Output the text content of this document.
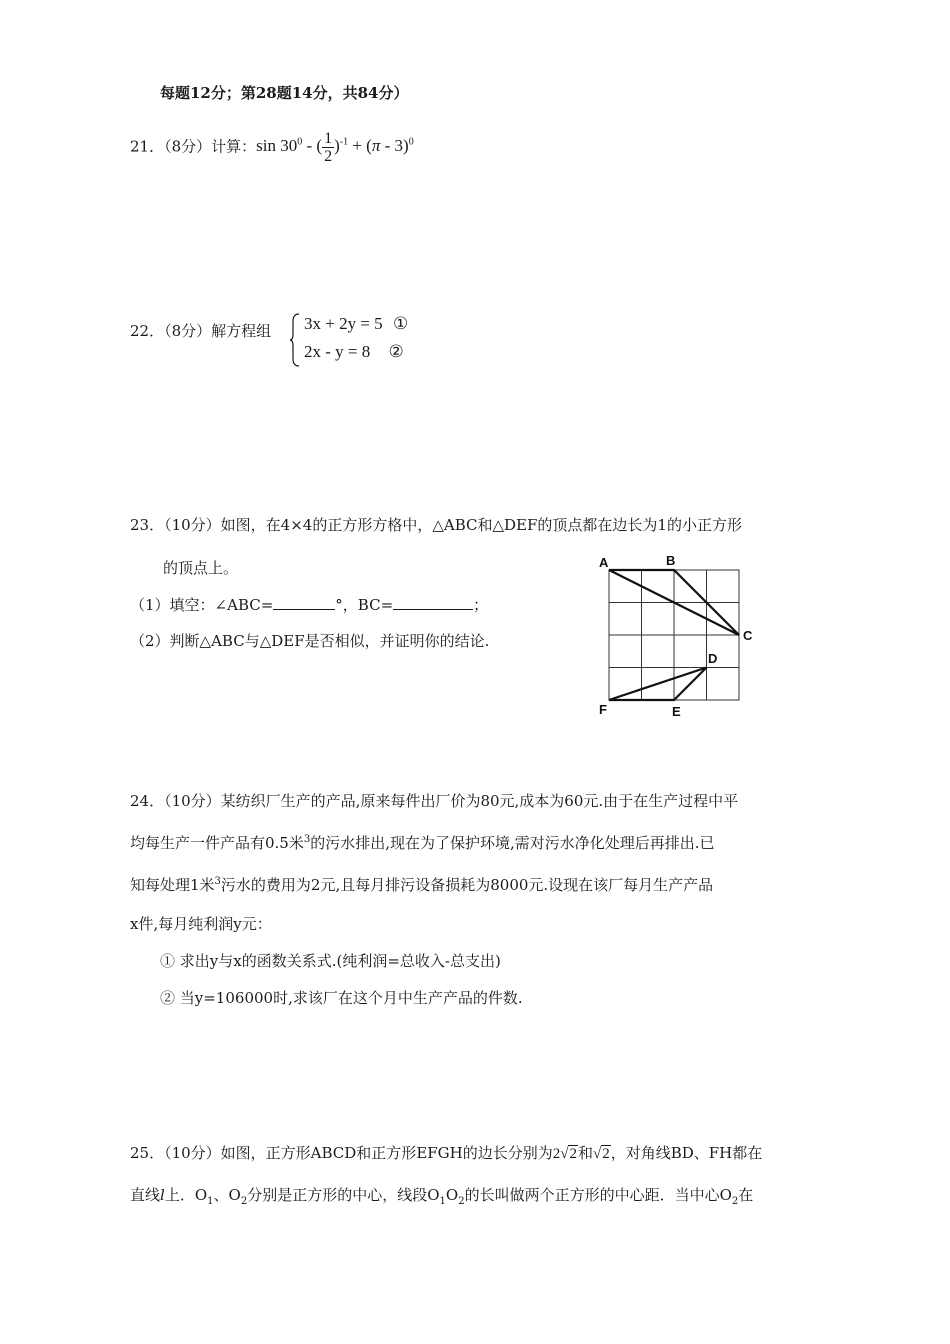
每题12分；第28题14分，共84分）
21．（8分）计算：$\sin 30^0$ - ( $\frac{1}{2} )^{-1} + (\pi - 3)^0$
22．（8分）解方程组 3x + 2y = 5 ①
2x - y = 8 ②
23．（10分）如图，在4×4的正方形方格中，△ABC和△DEF的顶点都在边长为1的小正方形
的顶点上。
（1）填空：∠ABC=	°，BC=	；
（2）判断△ABC与△DEF是否相似，并证明你的结论.
A	B
C
D
E
F
24．（10分）某纺织厂生产的产品,原来每件出厂价为80元,成本为60元.由于在生产过程中平
均每生产一件产品有0.5米$^3$的污水排出,现在为了保护环境,需对污水净化处理后再排出.已
知每处理1米$^3$污水的费用为2元,且每月排污设备损耗为8000元.设现在该厂每月生产产品
x件,每月纯利润y元：
① 求出y与x的函数关系式.(纯利润=总收入-总支出)
② 当y=106000时,求该厂在这个月中生产产品的件数.
25．（10分）如图，正方形ABCD和正方形EFGH的边长分别为2√2和√2，对角线BD、FH都在
直线l上．$O_1$、$O_2$分别是正方形的中心，线段$O_1O_2$的长叫做两个正方形的中心距．当中心$O_2$在
